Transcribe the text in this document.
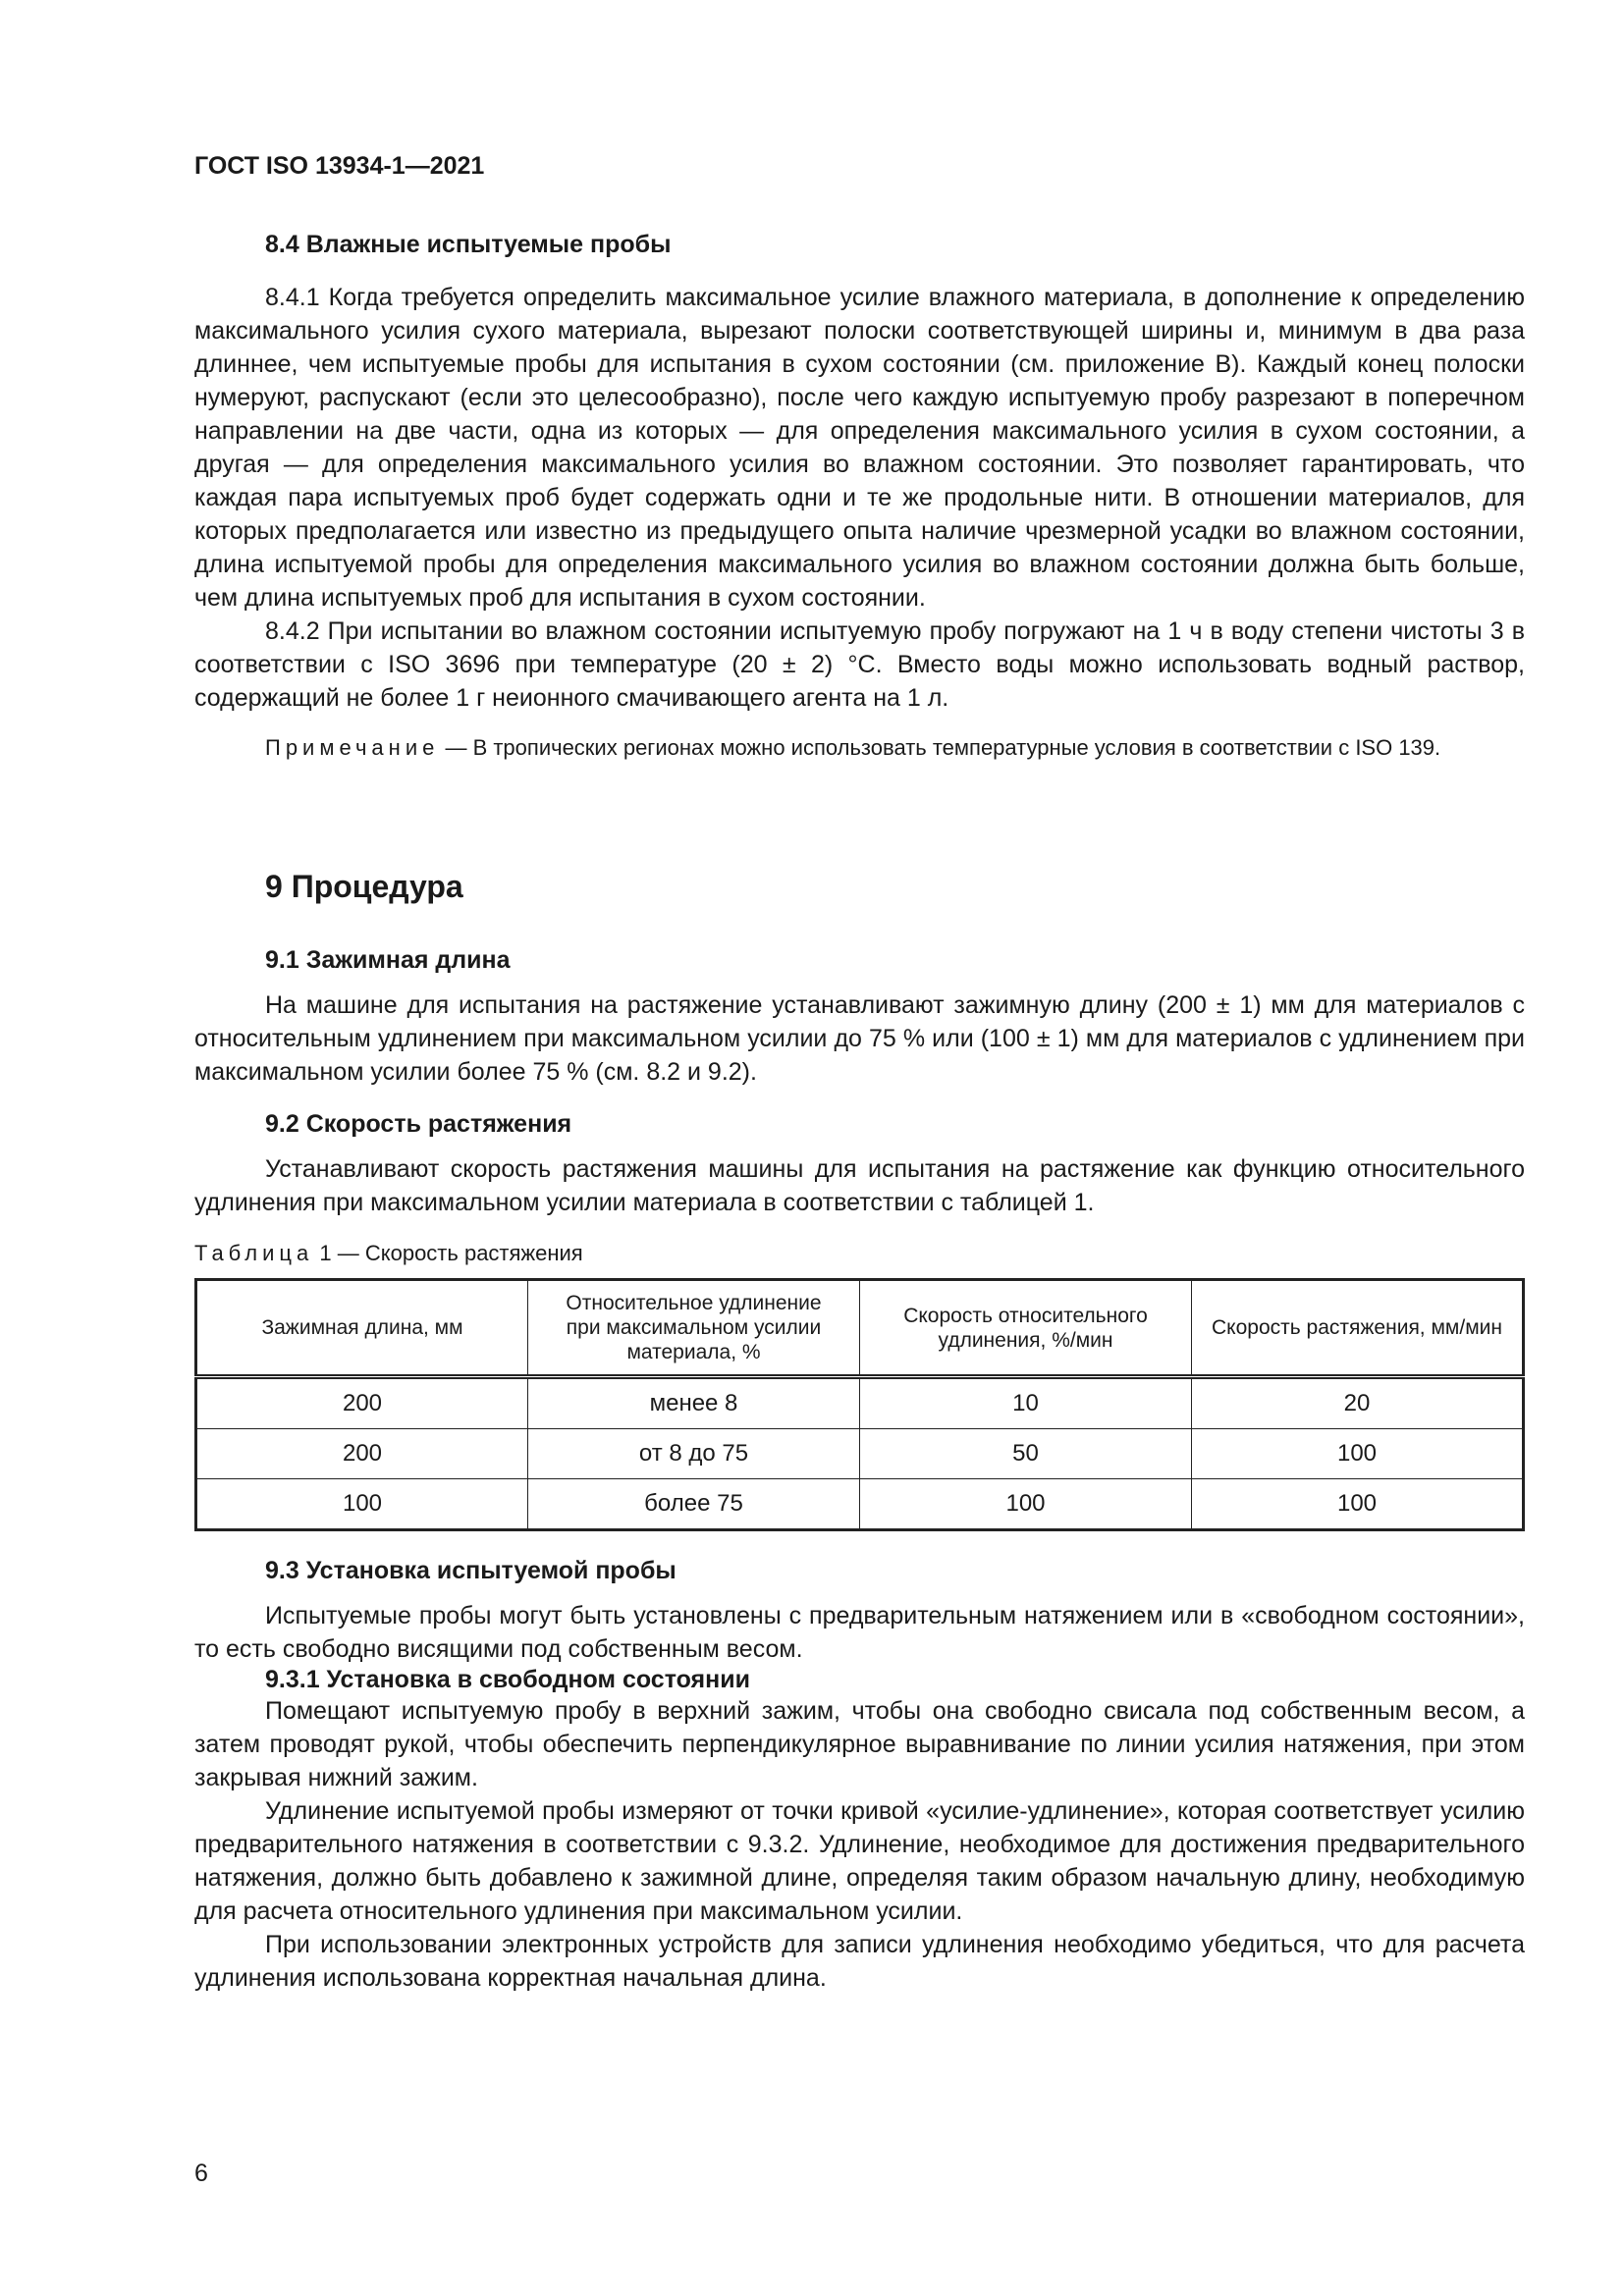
ГОСТ ISO 13934-1—2021
8.4 Влажные испытуемые пробы

8.4.1 Когда требуется определить максимальное усилие влажного материала, в дополнение к определению максимального усилия сухого материала, вырезают полоски соответствующей ширины и, минимум в два раза длиннее, чем испытуемые пробы для испытания в сухом состоянии (см. приложение В). Каждый конец полоски нумеруют, распускают (если это целесообразно), после чего каждую испытуемую пробу разрезают в поперечном направлении на две части, одна из которых — для определения максимального усилия в сухом состоянии, а другая — для определения максимального усилия во влажном состоянии. Это позволяет гарантировать, что каждая пара испытуемых проб будет содержать одни и те же продольные нити. В отношении материалов, для которых предполагается или известно из предыдущего опыта наличие чрезмерной усадки во влажном состоянии, длина испытуемой пробы для определения максимального усилия во влажном состоянии должна быть больше, чем длина испытуемых проб для испытания в сухом состоянии.

8.4.2 При испытании во влажном состоянии испытуемую пробу погружают на 1 ч в воду степени чистоты 3 в соответствии с ISO 3696 при температуре (20 ± 2) °С. Вместо воды можно использовать водный раствор, содержащий не более 1 г неионного смачивающего агента на 1 л.

Примечание — В тропических регионах можно использовать температурные условия в соответствии с ISO 139.
9 Процедура
9.1 Зажимная длина

На машине для испытания на растяжение устанавливают зажимную длину (200 ± 1) мм для материалов с относительным удлинением при максимальном усилии до 75 % или (100 ± 1) мм для материалов с удлинением при максимальном усилии более 75 % (см. 8.2 и 9.2).

9.2 Скорость растяжения

Устанавливают скорость растяжения машины для испытания на растяжение как функцию относительного удлинения при максимальном усилии материала в соответствии с таблицей 1.

Таблица 1 — Скорость растяжения
Зажимная длина, мм	Относительное удлинение при максимальном усилии материала, %	Скорость относительного удлинения, %/мин	Скорость растяжения, мм/мин
200	менее 8	10	20
200	от 8 до 75	50	100
100	более 75	100	100
9.3 Установка испытуемой пробы

Испытуемые пробы могут быть установлены с предварительным натяжением или в «свободном состоянии», то есть свободно висящими под собственным весом.

9.3.1 Установка в свободном состоянии

Помещают испытуемую пробу в верхний зажим, чтобы она свободно свисала под собственным весом, а затем проводят рукой, чтобы обеспечить перпендикулярное выравнивание по линии усилия натяжения, при этом закрывая нижний зажим.

Удлинение испытуемой пробы измеряют от точки кривой «усилие-удлинение», которая соответствует усилию предварительного натяжения в соответствии с 9.3.2. Удлинение, необходимое для достижения предварительного натяжения, должно быть добавлено к зажимной длине, определяя таким образом начальную длину, необходимую для расчета относительного удлинения при максимальном усилии.

При использовании электронных устройств для записи удлинения необходимо убедиться, что для расчета удлинения использована корректная начальная длина.

6
